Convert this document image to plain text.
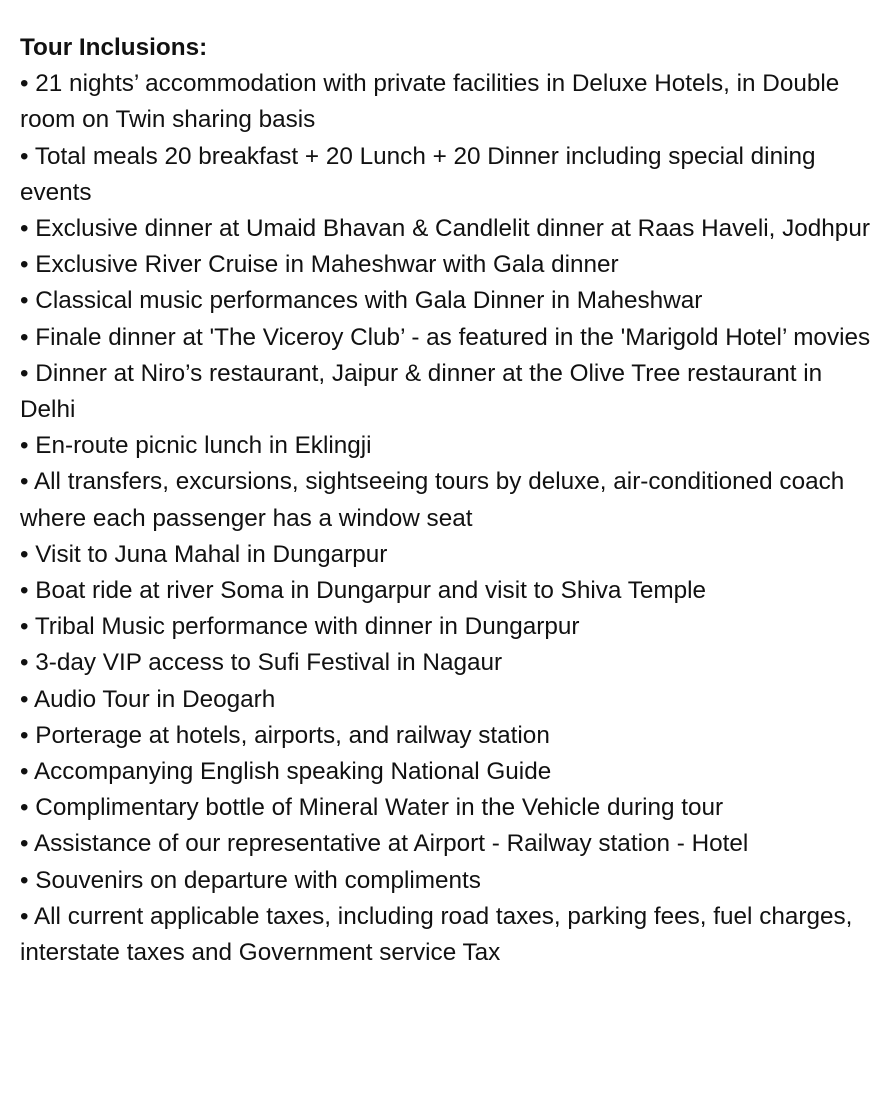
Tour Inclusions:

• 21 nights’ accommodation with private facilities in Deluxe Hotels, in Double room on Twin sharing basis
• Total meals 20 breakfast + 20 Lunch + 20 Dinner including special dining events
• Exclusive dinner at Umaid Bhavan & Candlelit dinner at Raas Haveli, Jodhpur
• Exclusive River Cruise in Maheshwar with Gala dinner
• Classical music performances with Gala Dinner in Maheshwar
• Finale dinner at 'The Viceroy Club’ - as featured in the 'Marigold Hotel’ movies
• Dinner at Niro’s restaurant, Jaipur & dinner at the Olive Tree restaurant in Delhi
• En-route picnic lunch in Eklingji
• All transfers, excursions, sightseeing tours by deluxe, air-conditioned coach where each passenger has a window seat
• Visit to Juna Mahal in Dungarpur
• Boat ride at river Soma in Dungarpur and visit to Shiva Temple
• Tribal Music performance with dinner in Dungarpur
• 3-day VIP access to Sufi Festival in Nagaur
• Audio Tour in Deogarh
• Porterage at hotels, airports, and railway station
• Accompanying English speaking National Guide
• Complimentary bottle of Mineral Water in the Vehicle during tour
• Assistance of our representative at Airport - Railway station - Hotel
• Souvenirs on departure with compliments
• All current applicable taxes, including road taxes, parking fees, fuel charges, interstate taxes and Government service Tax
